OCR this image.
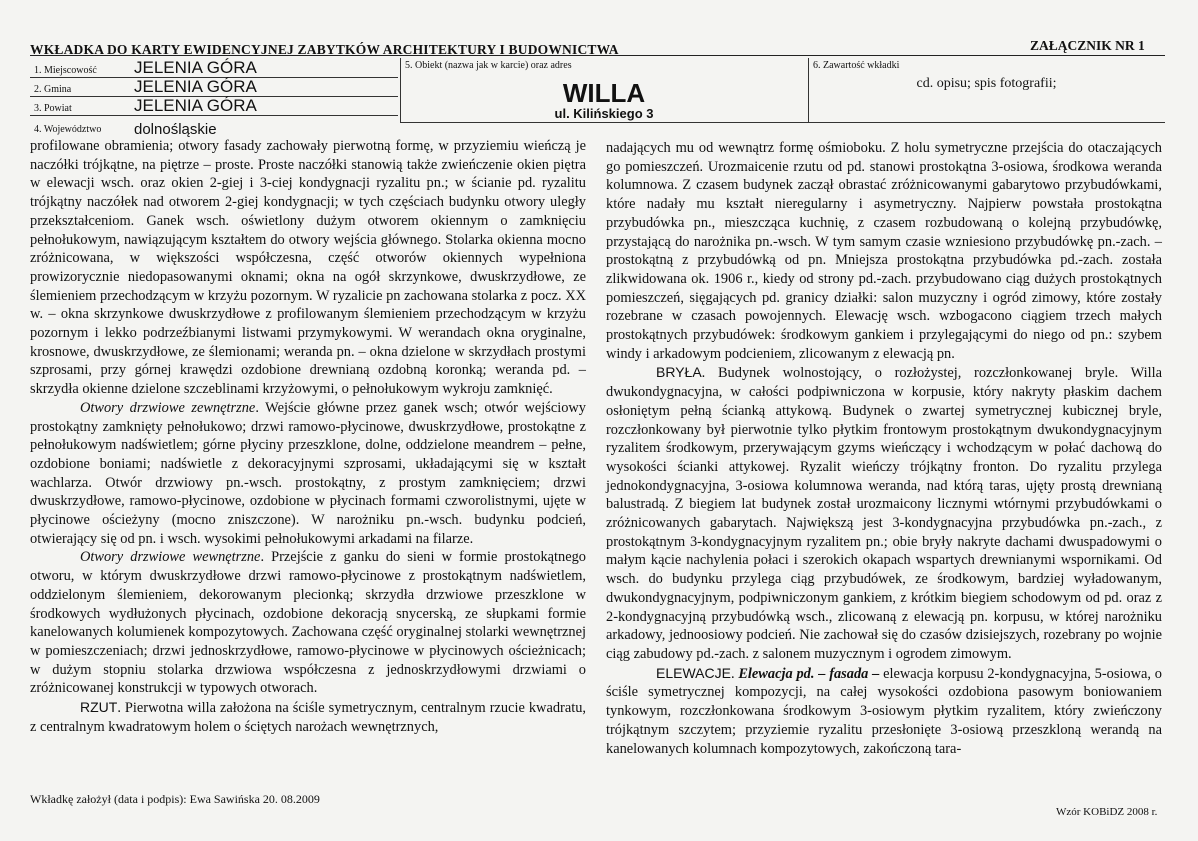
WKŁADKA DO KARTY EWIDENCYJNEJ ZABYTKÓW ARCHITEKTURY I BUDOWNICTWA	ZAŁĄCZNIK NR 1
1. Miejscowość JELENIA GÓRA
2. Gmina	JELENIA GÓRA
3. Powiat	JELENIA GÓRA
4. Województwo dolnośląskie
5. Obiekt (nazwa jak w karcie) oraz adres
WILLA
ul. Kilińskiego 3
6. Zawartość wkładki
cd. opisu; spis fotografii;

profilowane obramienia; otwory fasady zachowały pierwotną formę, w przyziemiu wieńczą je naczółki trójkątne, na piętrze – proste. Proste naczółki stanowią także zwieńczenie okien piętra w elewacji wsch. oraz okien 2-giej i 3-ciej kondygnacji ryzalitu pn.; w ścianie pd. ryzalitu trójkątny naczółek nad otworem 2-giej kondygnacji; w tych częściach budynku otwory uległy przekształceniom. Ganek wsch. oświetlony dużym otworem okiennym o zamknięciu pełnołukowym, nawiązującym kształtem do otwory wejścia głównego. Stolarka okienna mocno zróżnicowana, w większości współczesna, część otworów okiennych wypełniona prowizorycznie niedopasowanymi oknami; okna na ogół skrzynkowe, dwuskrzydłowe, ze ślemieniem przechodzącym w krzyżu pozornym. W ryzalicie pn zachowana stolarka z pocz. XX w. – okna skrzynkowe dwuskrzydłowe z profilowanym ślemieniem przechodzącym w krzyżu pozornym i lekko podrzeźbianymi listwami przymykowymi. W werandach okna oryginalne, krosnowe, dwuskrzydłowe, ze ślemionami; weranda pn. – okna dzielone w skrzydłach prostymi szprosami, przy górnej krawędzi ozdobione drewnianą ozdobną koronką; weranda pd. – skrzydła okienne dzielone szczeblinami krzyżowymi, o pełnołukowym wykroju zamknięć.

Otwory drzwiowe zewnętrzne. Wejście główne przez ganek wsch; otwór wejściowy prostokątny zamknięty pełnołukowo; drzwi ramowo-płycinowe, dwuskrzydłowe, prostokątne z pełnołukowym nadświetlem; górne płyciny przeszklone, dolne, oddzielone meandrem – pełne, ozdobione boniami; nadświetle z dekoracyjnymi szprosami, układającymi się w kształt wachlarza. Otwór drzwiowy pn.-wsch. prostokątny, z prostym zamknięciem; drzwi dwuskrzydłowe, ramowo-płycinowe, ozdobione w płycinach formami czworolistnymi, ujęte w płycinowe ościeżyny (mocno zniszczone). W narożniku pn.-wsch. budynku podcień, otwierający się od pn. i wsch. wysokimi pełnołukowymi arkadami na filarze.

Otwory drzwiowe wewnętrzne. Przejście z ganku do sieni w formie prostokątnego otworu, w którym dwuskrzydłowe drzwi ramowo-płycinowe z prostokątnym nadświetlem, oddzielonym ślemieniem, dekorowanym plecionką; skrzydła drzwiowe przeszklone w środkowych wydłużonych płycinach, ozdobione dekoracją snycerską, ze słupkami formie kanelowanych kolumienek kompozytowych. Zachowana część oryginalnej stolarki wewnętrznej w pomieszczeniach; drzwi jednoskrzydłowe, ramowo-płycinowe w płycinowych ościeżnicach; w dużym stopniu stolarka drzwiowa współczesna z jednoskrzydłowymi drzwiami o zróżnicowanej konstrukcji w typowych otworach.

RZUT. Pierwotna willa założona na ściśle symetrycznym, centralnym rzucie kwadratu, z centralnym kwadratowym holem o ściętych narożach wewnętrznych,

nadających mu od wewnątrz formę ośmioboku. Z holu symetryczne przejścia do otaczających go pomieszczeń. Urozmaicenie rzutu od pd. stanowi prostokątna 3-osiowa, środkowa weranda kolumnowa. Z czasem budynek zaczął obrastać zróżnicowanymi gabarytowo przybudówkami, które nadały mu kształt nieregularny i asymetryczny. Najpierw powstała prostokątna przybudówka pn., mieszcząca kuchnię, z czasem rozbudowaną o kolejną przybudówkę, przystającą do narożnika pn.-wsch. W tym samym czasie wzniesiono przybudówkę pn.-zach. – prostokątną z przybudówką od pn. Mniejsza prostokątna przybudówka pd.-zach. została zlikwidowana ok. 1906 r., kiedy od strony pd.-zach. przybudowano ciąg dużych prostokątnych pomieszczeń, sięgających pd. granicy działki: salon muzyczny i ogród zimowy, które zostały rozebrane w czasach powojennych. Elewację wsch. wzbogacono ciągiem trzech małych prostokątnych przybudówek: środkowym gankiem i przylegającymi do niego od pn.: szybem windy i arkadowym podcieniem, zlicowanym z elewacją pn.

BRYŁA. Budynek wolnostojący, o rozłożystej, rozczłonkowanej bryle. Willa dwukondygnacyjna, w całości podpiwniczona w korpusie, który nakryty płaskim dachem osłoniętym pełną ścianką attykową. Budynek o zwartej symetrycznej kubicznej bryle, rozczłonkowany był pierwotnie tylko płytkim frontowym prostokątnym dwukondygnacyjnym ryzalitem środkowym, przerywającym gzyms wieńczący i wchodzącym w połać dachową do wysokości ścianki attykowej. Ryzalit wieńczy trójkątny fronton. Do ryzalitu przylega jednokondygnacyjna, 3-osiowa kolumnowa weranda, nad którą taras, ujęty prostą drewnianą balustradą. Z biegiem lat budynek został urozmaicony licznymi wtórnymi przybudówkami o zróżnicowanych gabarytach. Największą jest 3-kondygnacyjna przybudówka pn.-zach., z prostokątnym 3-kondygnacyjnym ryzalitem pn.; obie bryły nakryte dachami dwuspadowymi o małym kącie nachylenia połaci i szerokich okapach wspartych drewnianymi wspornikami. Od wsch. do budynku przylega ciąg przybudówek, ze środkowym, bardziej wyładowanym, dwukondygnacyjnym, podpiwniczonym gankiem, z krótkim biegiem schodowym od pd. oraz z 2-kondygnacyjną przybudówką wsch., zlicowaną z elewacją pn. korpusu, w której narożniku arkadowy, jednoosiowy podcień. Nie zachował się do czasów dzisiejszych, rozebrany po wojnie ciąg zabudowy pd.-zach. z salonem muzycznym i ogrodem zimowym.

ELEWACJE. Elewacja pd. – fasada – elewacja korpusu 2-kondygnacyjna, 5-osiowa, o ściśle symetrycznej kompozycji, na całej wysokości ozdobiona pasowym boniowaniem tynkowym, rozczłonkowana środkowym 3-osiowym płytkim ryzalitem, który zwieńczony trójkątnym szczytem; przyziemie ryzalitu przesłonięte 3-osiową przeszkloną werandą na kanelowanych kolumnach kompozytowych, zakończoną tara-

Wkładkę założył (data i podpis): Ewa Sawińska 20. 08.2009
Wzór KOBiDZ 2008 r.
